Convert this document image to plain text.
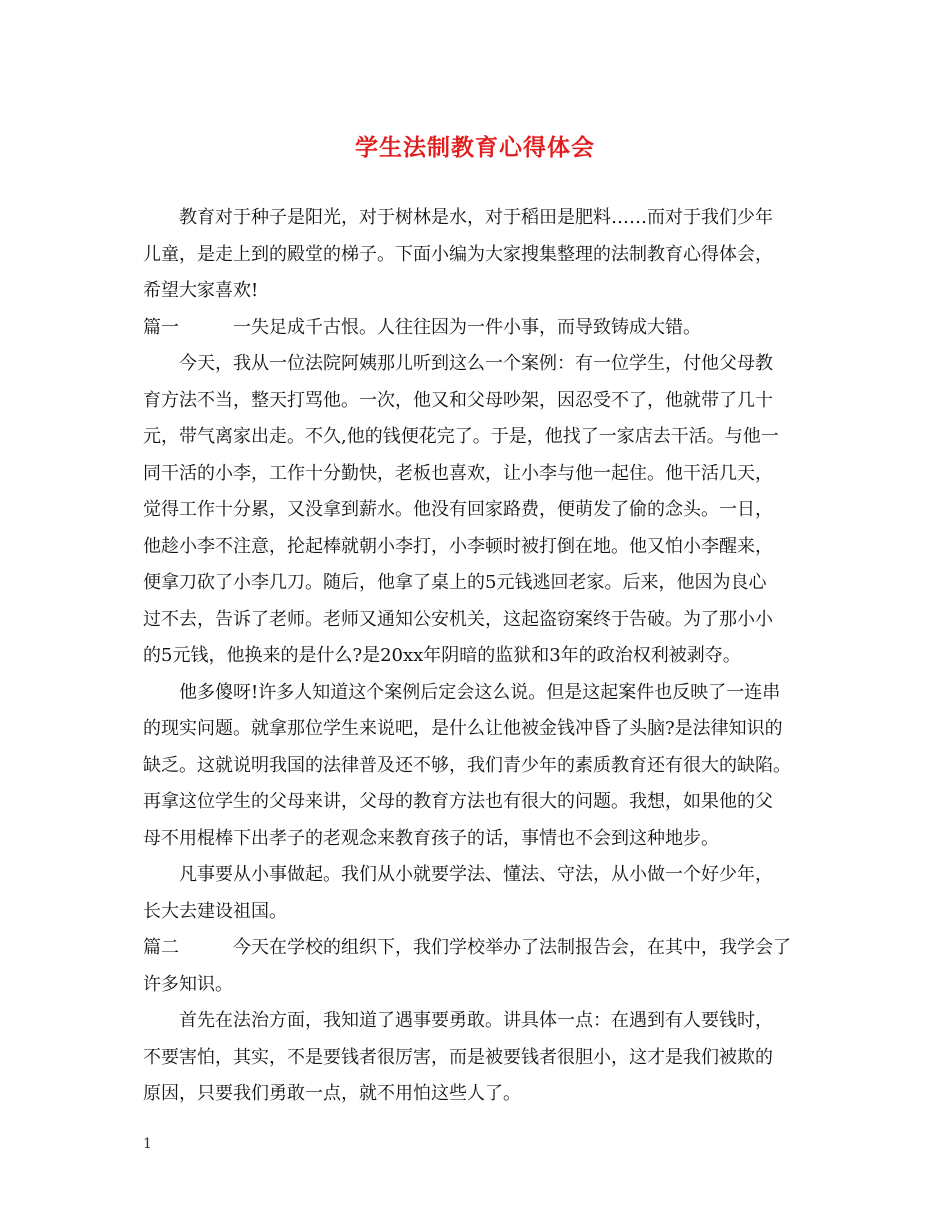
学生法制教育心得体会
教育对于种子是阳光，对于树林是水，对于稻田是肥料……而对于我们少年
儿童，是走上到的殿堂的梯子。下面小编为大家搜集整理的法制教育心得体会，
希望大家喜欢!
篇一	一失足成千古恨。人往往因为一件小事，而导致铸成大错。
今天，我从一位法院阿姨那儿听到这么一个案例：有一位学生，付他父母教
育方法不当，整天打骂他。一次，他又和父母吵架，因忍受不了，他就带了几十
元，带气离家出走。不久,他的钱便花完了。于是，他找了一家店去干活。与他一
同干活的小李，工作十分勤快，老板也喜欢，让小李与他一起住。他干活几天，
觉得工作十分累，又没拿到薪水。他没有回家路费，便萌发了偷的念头。一日，
他趁小李不注意，抡起棒就朝小李打，小李顿时被打倒在地。他又怕小李醒来，
便拿刀砍了小李几刀。随后，他拿了桌上的5元钱逃回老家。后来，他因为良心
过不去，告诉了老师。老师又通知公安机关，这起盗窃案终于告破。为了那小小
的5元钱，他换来的是什么?是20xx年阴暗的监狱和3年的政治权利被剥夺。
他多傻呀!许多人知道这个案例后定会这么说。但是这起案件也反映了一连串
的现实问题。就拿那位学生来说吧，是什么让他被金钱冲昏了头脑?是法律知识的
缺乏。这就说明我国的法律普及还不够，我们青少年的素质教育还有很大的缺陷。
再拿这位学生的父母来讲，父母的教育方法也有很大的问题。我想，如果他的父
母不用棍棒下出孝子的老观念来教育孩子的话，事情也不会到这种地步。
凡事要从小事做起。我们从小就要学法、懂法、守法，从小做一个好少年，
长大去建设祖国。
篇二	今天在学校的组织下，我们学校举办了法制报告会，在其中，我学会了
许多知识。
首先在法治方面，我知道了遇事要勇敢。讲具体一点：在遇到有人要钱时，
不要害怕，其实，不是要钱者很厉害，而是被要钱者很胆小，这才是我们被欺的
原因，只要我们勇敢一点，就不用怕这些人了。
1
